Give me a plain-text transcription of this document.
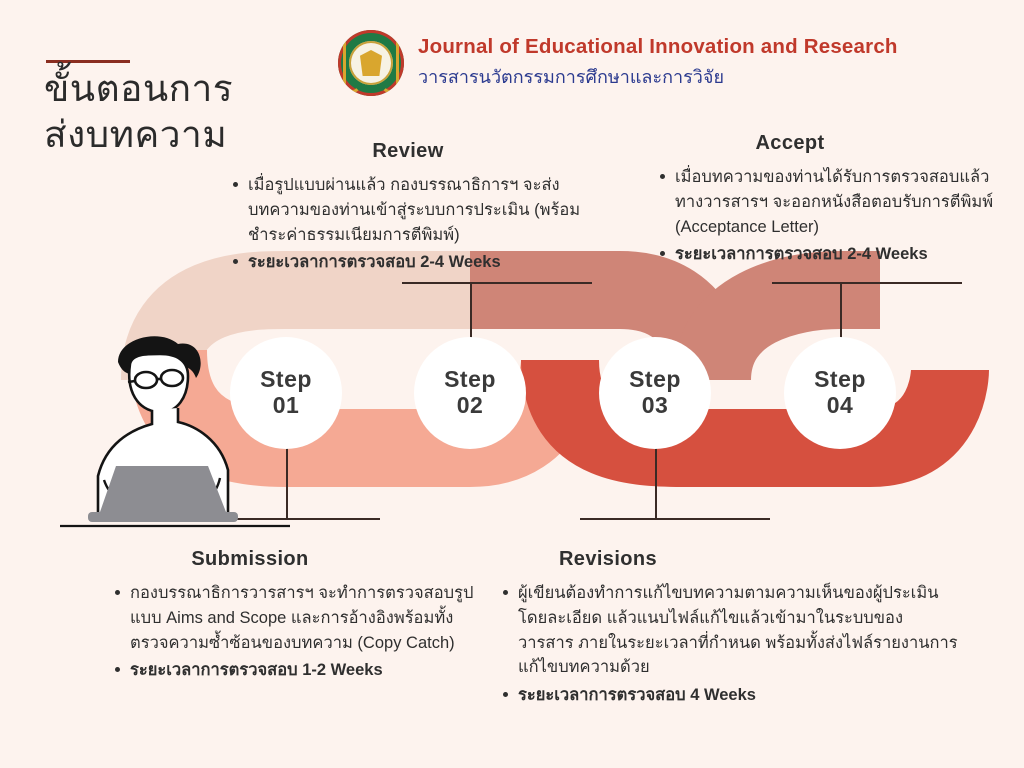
ขั้นตอนการ
ส่งบทความ
Journal of Educational Innovation and Research
วารสารนวัตกรรมการศึกษาและการวิจัย
Step
01
Step
02
Step
03
Step
04
Review
เมื่อรูปแบบผ่านแล้ว กองบรรณาธิการฯ จะส่งบทความของท่านเข้าสู่ระบบการประเมิน (พร้อมชำระค่าธรรมเนียมการตีพิมพ์)
ระยะเวลาการตรวจสอบ 2-4 Weeks
Accept
เมื่อบทความของท่านได้รับการตรวจสอบแล้วทางวารสารฯ จะออกหนังสือตอบรับการตีพิมพ์ (Acceptance Letter)
ระยะเวลาการตรวจสอบ 2-4 Weeks
Submission
กองบรรณาธิการวารสารฯ จะทำการตรวจสอบรูปแบบ Aims and Scope และการอ้างอิงพร้อมทั้งตรวจความซ้ำซ้อนของบทความ (Copy Catch)
ระยะเวลาการตรวจสอบ 1-2 Weeks
Revisions
ผู้เขียนต้องทำการแก้ไขบทความตามความเห็นของผู้ประเมินโดยละเอียด แล้วแนบไฟล์แก้ไขแล้วเข้ามาในระบบของวารสาร ภายในระยะเวลาที่กำหนด พร้อมทั้งส่งไฟล์รายงานการแก้ไขบทความด้วย
ระยะเวลาการตรวจสอบ 4 Weeks
